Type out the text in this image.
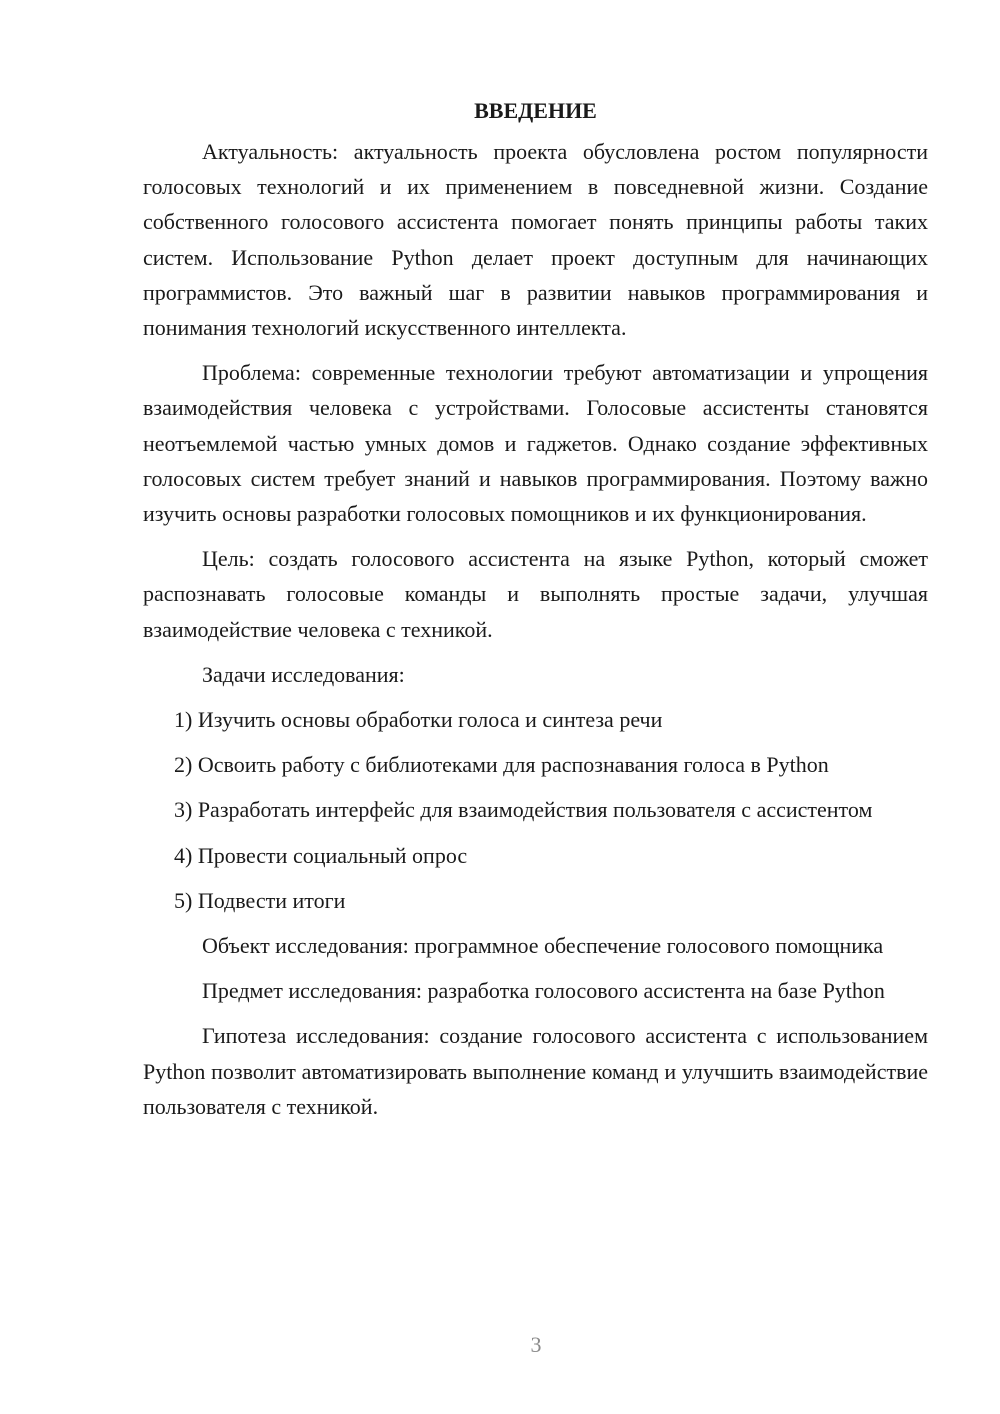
ВВЕДЕНИЕ

Актуальность: актуальность проекта обусловлена ростом популярности голосовых технологий и их применением в повседневной жизни. Создание собственного голосового ассистента помогает понять принципы работы таких систем. Использование Python делает проект доступным для начинающих программистов. Это важный шаг в развитии навыков программирования и понимания технологий искусственного интеллекта.

Проблема: современные технологии требуют автоматизации и упрощения взаимодействия человека с устройствами. Голосовые ассистенты становятся неотъемлемой частью умных домов и гаджетов. Однако создание эффективных голосовых систем требует знаний и навыков программирования. Поэтому важно изучить основы разработки голосовых помощников и их функционирования.

Цель: создать голосового ассистента на языке Python, который сможет распознавать голосовые команды и выполнять простые задачи, улучшая взаимодействие человека с техникой.

Задачи исследования:

1) Изучить основы обработки голоса и синтеза речи
2) Освоить работу с библиотеками для распознавания голоса в Python
3) Разработать интерфейс для взаимодействия пользователя с ассистентом
4) Провести социальный опрос
5) Подвести итоги

Объект исследования: программное обеспечение голосового помощника

Предмет исследования: разработка голосового ассистента на базе Python

Гипотеза исследования: создание голосового ассистента с использованием Python позволит автоматизировать выполнение команд и улучшить взаимодействие пользователя с техникой.

3
